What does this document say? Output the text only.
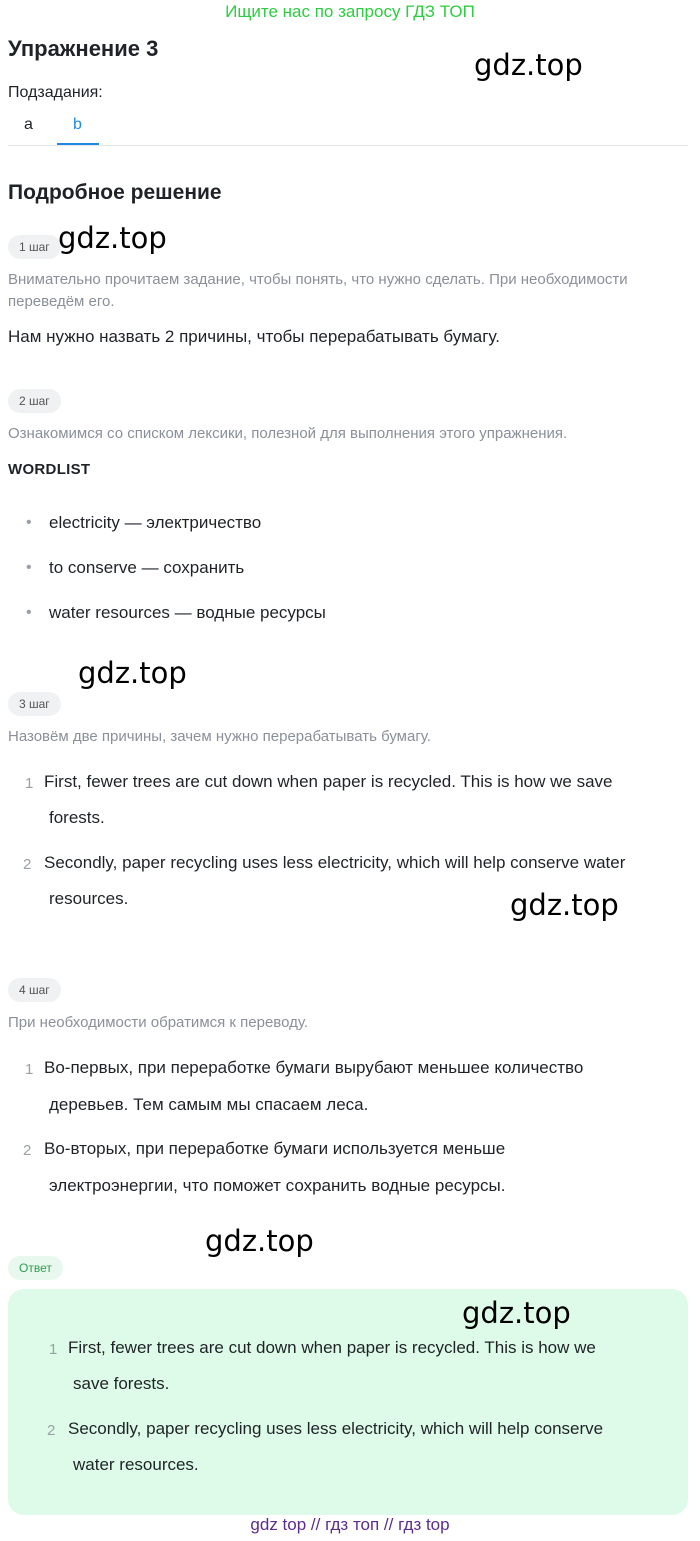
Ищите нас по запросу ГДЗ ТОП
Упражнение 3	gdz.top
Подзадания:
a	b
Подробное решение
1 шаг gdz.top
Внимательно прочитаем задание, чтобы понять, что нужно сделать. При необходимости переведём его.
Нам нужно назвать 2 причины, чтобы перерабатывать бумагу.
2 шаг
Ознакомимся со списком лексики, полезной для выполнения этого упражнения.
WORDLIST
• electricity — электричество
• to conserve — сохранить
• water resources — водные ресурсы
gdz.top
3 шаг
Назовём две причины, зачем нужно перерабатывать бумагу.
1 First, fewer trees are cut down when paper is recycled. This is how we save
forests.
2 Secondly, paper recycling uses less electricity, which will help conserve water
resources.	gdz.top
4 шаг
При необходимости обратимся к переводу.
1 Во-первых, при переработке бумаги вырубают меньшее количество
деревьев. Тем самым мы спасаем леса.
2 Во-вторых, при переработке бумаги используется меньше
электроэнергии, что поможет сохранить водные ресурсы.
gdz.top
Ответ
gdz.top
1 First, fewer trees are cut down when paper is recycled. This is how we
save forests.
2 Secondly, paper recycling uses less electricity, which will help conserve
water resources.
gdz top // гдз топ // гдз top
